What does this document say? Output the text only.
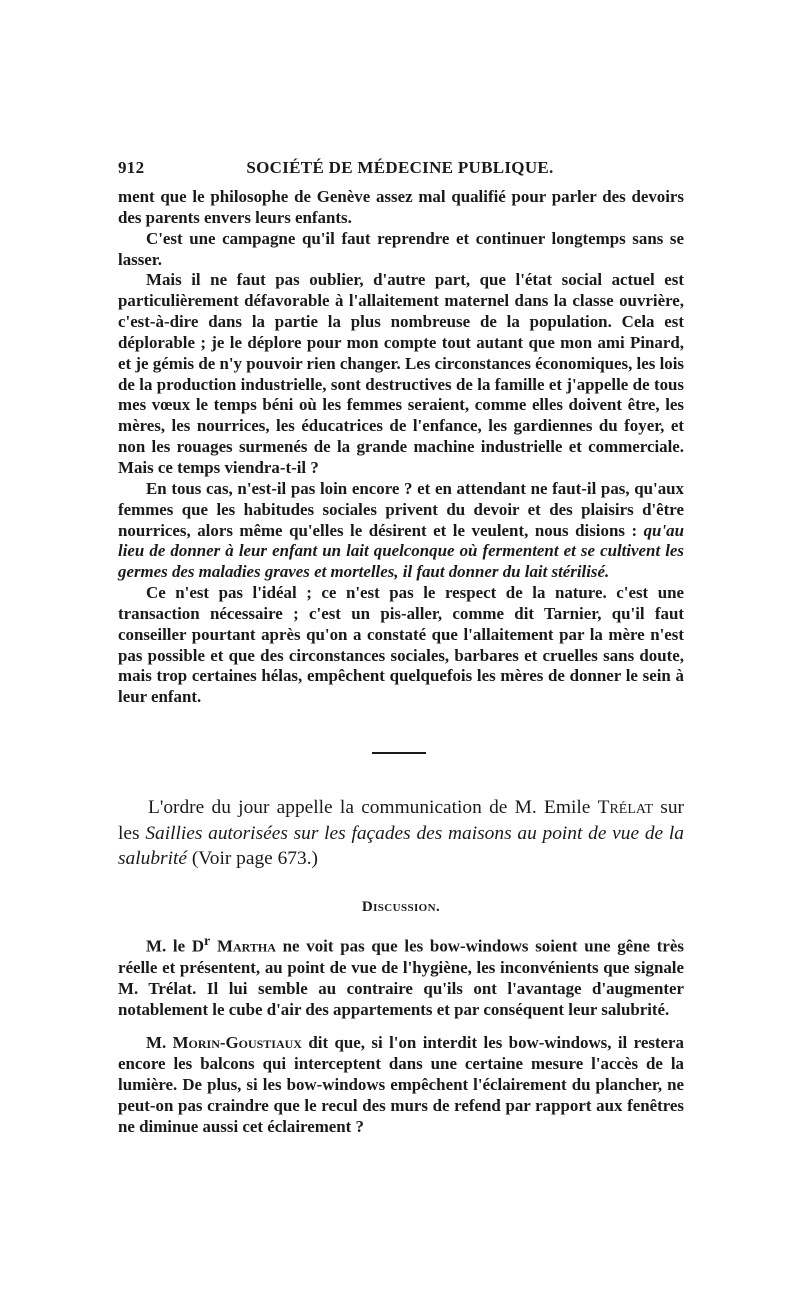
912	SOCIÉTÉ DE MÉDECINE PUBLIQUE.

ment que le philosophe de Genève assez mal qualifié pour parler des devoirs des parents envers leurs enfants.

C'est une campagne qu'il faut reprendre et continuer longtemps sans se lasser.

Mais il ne faut pas oublier, d'autre part, que l'état social actuel est particulièrement défavorable à l'allaitement maternel dans la classe ouvrière, c'est-à-dire dans la partie la plus nombreuse de la population. Cela est déplorable ; je le déplore pour mon compte tout autant que mon ami Pinard, et je gémis de n'y pouvoir rien changer. Les circonstances économiques, les lois de la production industrielle, sont destructives de la famille et j'appelle de tous mes vœux le temps béni où les femmes seraient, comme elles doivent être, les mères, les nourrices, les éducatrices de l'enfance, les gardiennes du foyer, et non les rouages surmenés de la grande machine industrielle et commerciale. Mais ce temps viendra-t-il ?

En tous cas, n'est-il pas loin encore ? et en attendant ne faut-il pas, qu'aux femmes que les habitudes sociales privent du devoir et des plaisirs d'être nourrices, alors même qu'elles le désirent et le veulent, nous disions : qu'au lieu de donner à leur enfant un lait quelconque où fermentent et se cultivent les germes des maladies graves et mortelles, il faut donner du lait stérilisé.

Ce n'est pas l'idéal ; ce n'est pas le respect de la nature. c'est une transaction nécessaire ; c'est un pis-aller, comme dit Tarnier, qu'il faut conseiller pourtant après qu'on a constaté que l'allaitement par la mère n'est pas possible et que des circonstances sociales, barbares et cruelles sans doute, mais trop certaines hélas, empêchent quelquefois les mères de donner le sein à leur enfant.

L'ordre du jour appelle la communication de M. Emile Trélat sur les Saillies autorisées sur les façades des maisons au point de vue de la salubrité (Voir page 673.)

Discussion.

M. le $D^r$ Martha ne voit pas que les bow-windows soient une gêne très réelle et présentent, au point de vue de l'hygiène, les inconvénients que signale M. Trélat. Il lui semble au contraire qu'ils ont l'avantage d'augmenter notablement le cube d'air des appartements et par conséquent leur salubrité.

M. Morin-Goustiaux dit que, si l'on interdit les bow-windows, il restera encore les balcons qui interceptent dans une certaine mesure l'accès de la lumière. De plus, si les bow-windows empêchent l'éclairement du plancher, ne peut-on pas craindre que le recul des murs de refend par rapport aux fenêtres ne diminue aussi cet éclairement ?
